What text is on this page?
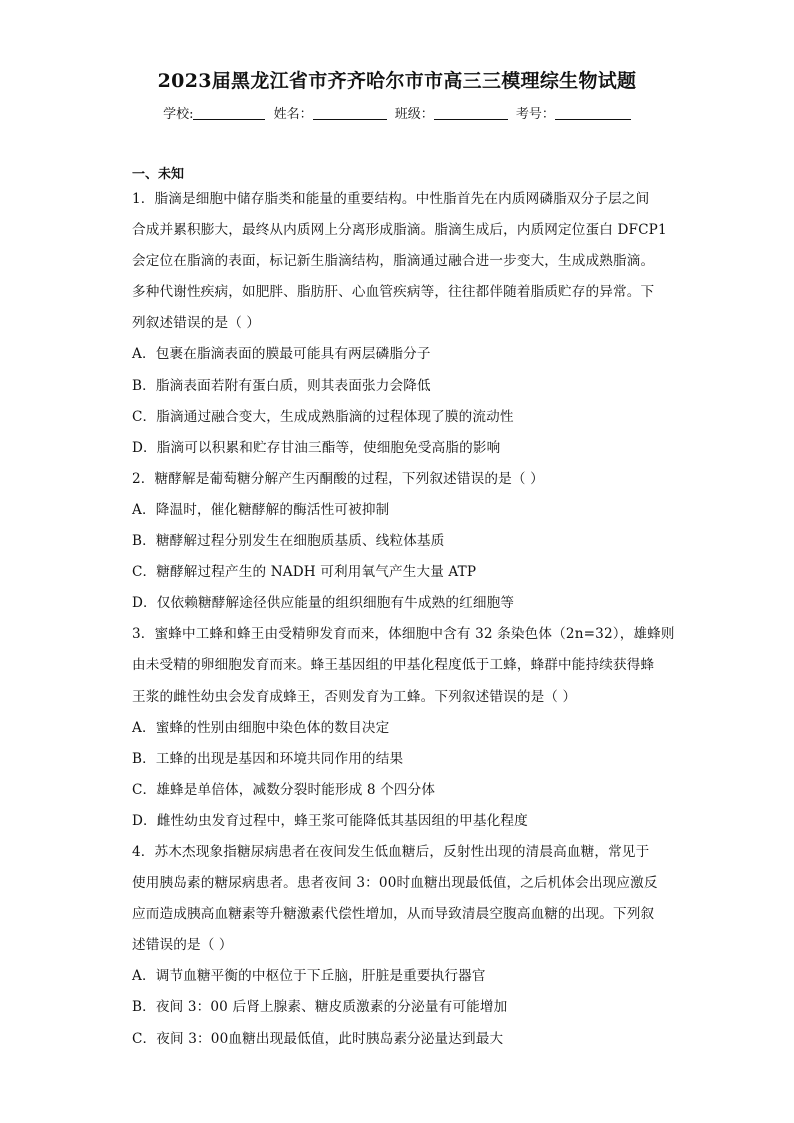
2023届黑龙江省市齐齐哈尔市市高三三模理综生物试题
学校:	姓名：	班级：	考号：
一、未知
1．脂滴是细胞中储存脂类和能量的重要结构。中性脂首先在内质网磷脂双分子层之间
合成并累积膨大，最终从内质网上分离形成脂滴。脂滴生成后，内质网定位蛋白 DFCP1
会定位在脂滴的表面，标记新生脂滴结构，脂滴通过融合进一步变大，生成成熟脂滴。
多种代谢性疾病，如肥胖、脂肪肝、心血管疾病等，往往都伴随着脂质贮存的异常。下
列叙述错误的是（ ）
A．包裹在脂滴表面的膜最可能具有两层磷脂分子
B．脂滴表面若附有蛋白质，则其表面张力会降低
C．脂滴通过融合变大，生成成熟脂滴的过程体现了膜的流动性
D．脂滴可以积累和贮存甘油三酯等，使细胞免受高脂的影响
2．糖酵解是葡萄糖分解产生丙酮酸的过程，下列叙述错误的是（ ）
A．降温时，催化糖酵解的酶活性可被抑制
B．糖酵解过程分别发生在细胞质基质、线粒体基质
C．糖酵解过程产生的 NADH 可利用氧气产生大量 ATP
D．仅依赖糖酵解途径供应能量的组织细胞有牛成熟的红细胞等
3．蜜蜂中工蜂和蜂王由受精卵发育而来，体细胞中含有 32 条染色体（2n=32），雄蜂则
由未受精的卵细胞发育而来。蜂王基因组的甲基化程度低于工蜂，蜂群中能持续获得蜂
王浆的雌性幼虫会发育成蜂王，否则发育为工蜂。下列叙述错误的是（ ）
A．蜜蜂的性别由细胞中染色体的数目决定
B．工蜂的出现是基因和环境共同作用的结果
C．雄蜂是单倍体，减数分裂时能形成 8 个四分体
D．雌性幼虫发育过程中，蜂王浆可能降低其基因组的甲基化程度
4．苏木杰现象指糖尿病患者在夜间发生低血糖后，反射性出现的清晨高血糖，常见于
使用胰岛素的糖尿病患者。患者夜间 3：00时血糖出现最低值，之后机体会出现应激反
应而造成胰高血糖素等升糖激素代偿性增加，从而导致清晨空腹高血糖的出现。下列叙
述错误的是（ ）
A．调节血糖平衡的中枢位于下丘脑，肝脏是重要执行器官
B．夜间 3：00 后肾上腺素、糖皮质激素的分泌量有可能增加
C．夜间 3：00血糖出现最低值，此时胰岛素分泌量达到最大
